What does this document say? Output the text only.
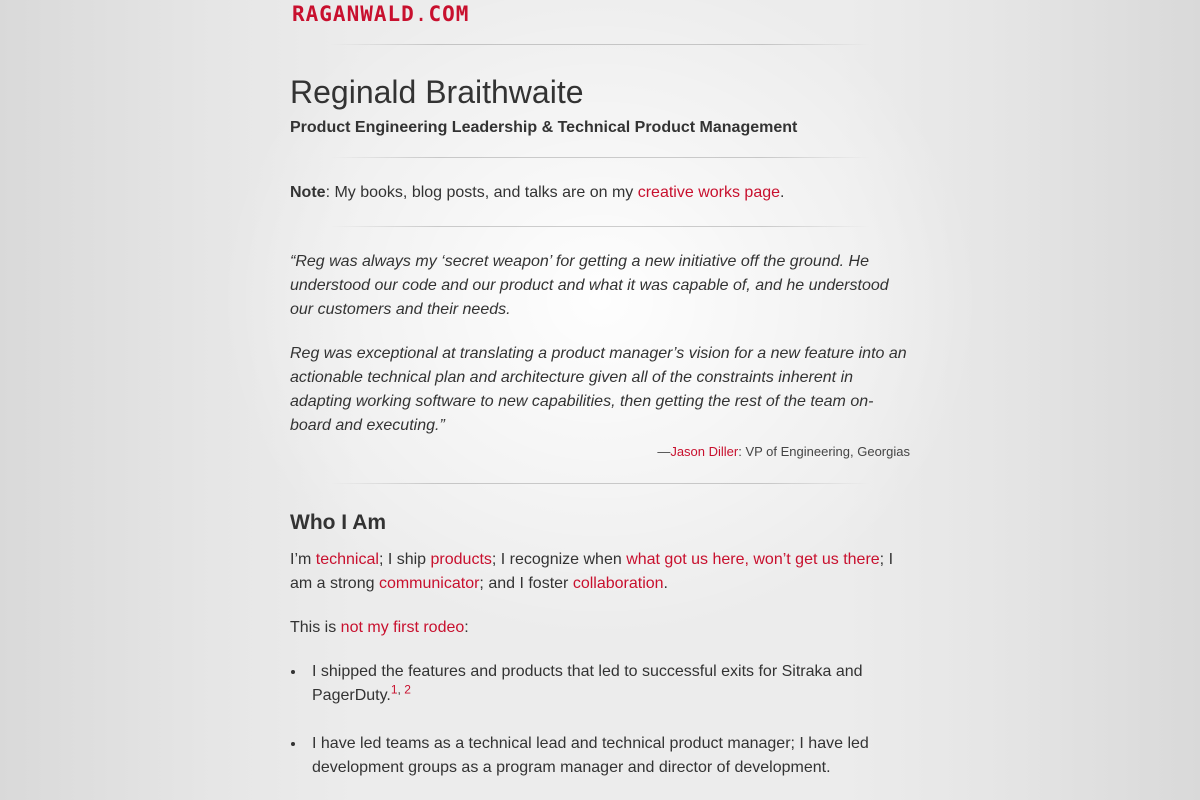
RAGANWALD.COM
Reginald Braithwaite

Product Engineering Leadership & Technical Product Management

Note: My books, blog posts, and talks are on my creative works page.

“Reg was always my ‘secret weapon’ for getting a new initiative off the ground. He understood our code and our product and what it was capable of, and he understood our customers and their needs.

Reg was exceptional at translating a product manager’s vision for a new feature into an actionable technical plan and architecture given all of the constraints inherent in adapting working software to new capabilities, then getting the rest of the team on-board and executing.”

—Jason Diller: VP of Engineering, Georgias
Who I Am

I’m technical; I ship products; I recognize when what got us here, won’t get us there; I am a strong communicator; and I foster collaboration.

This is not my first rodeo:

• I shipped the features and products that led to successful exits for Sitraka and PagerDuty.$^{1, 2}$
• I have led teams as a technical lead and technical product manager; I have led development groups as a program manager and director of development.
